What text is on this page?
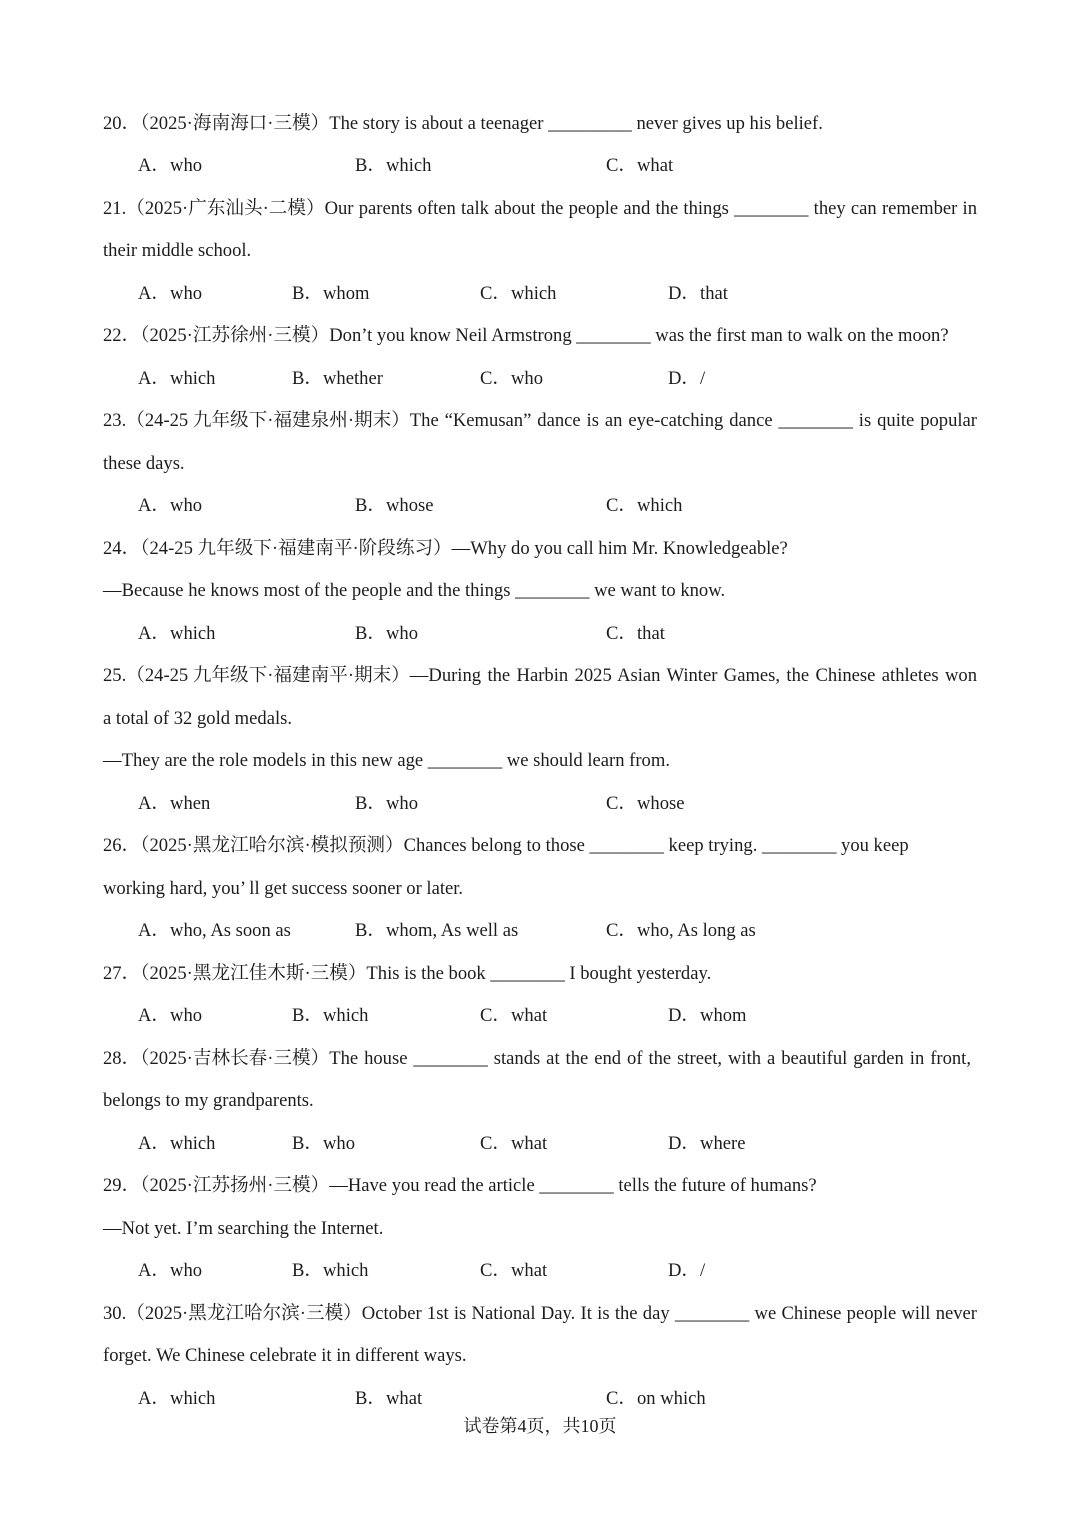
20．（2025·海南海口·三模）The story is about a teenager _________ never gives up his belief.
A．who	B．which	C．what
21.（2025·广东汕头·二模）Our parents often talk about the people and the things ________ they can remember in
their middle school.
A．who	B．whom	C．which	D．that
22．（2025·江苏徐州·三模）Don’t you know Neil Armstrong ________ was the first man to walk on the moon?
A．which	B．whether	C．who	D．/
23.（24-25 九年级下·福建泉州·期末）The “Kemusan” dance is an eye-catching dance ________ is quite popular
these days.
A．who	B．whose	C．which
24．（24-25 九年级下·福建南平·阶段练习）—Why do you call him Mr. Knowledgeable?
—Because he knows most of the people and the things ________ we want to know.
A．which	B．who	C．that
25.（24-25 九年级下·福建南平·期末）—During the Harbin 2025 Asian Winter Games, the Chinese athletes won
a total of 32 gold medals.
—They are the role models in this new age ________ we should learn from.
A．when	B．who	C．whose
26．（2025·黑龙江哈尔滨·模拟预测）Chances belong to those ________ keep trying. ________ you keep
working hard, you’ ll get success sooner or later.
A．who, As soon as	B．whom, As well as	C．who, As long as
27．（2025·黑龙江佳木斯·三模）This is the book ________ I bought yesterday.
A．who	B．which	C．what	D．whom
28．（2025·吉林长春·三模）The house ________ stands at the end of the street, with a beautiful garden in front,
belongs to my grandparents.
A．which	B．who	C．what	D．where
29．（2025·江苏扬州·三模）—Have you read the article ________ tells the future of humans?
—Not yet. I’m searching the Internet.
A．who	B．which	C．what	D．/
30.（2025·黑龙江哈尔滨·三模）October 1st is National Day. It is the day ________ we Chinese people will never
forget. We Chinese celebrate it in different ways.
A．which	B．what	C．on which
试卷第4页，共10页
